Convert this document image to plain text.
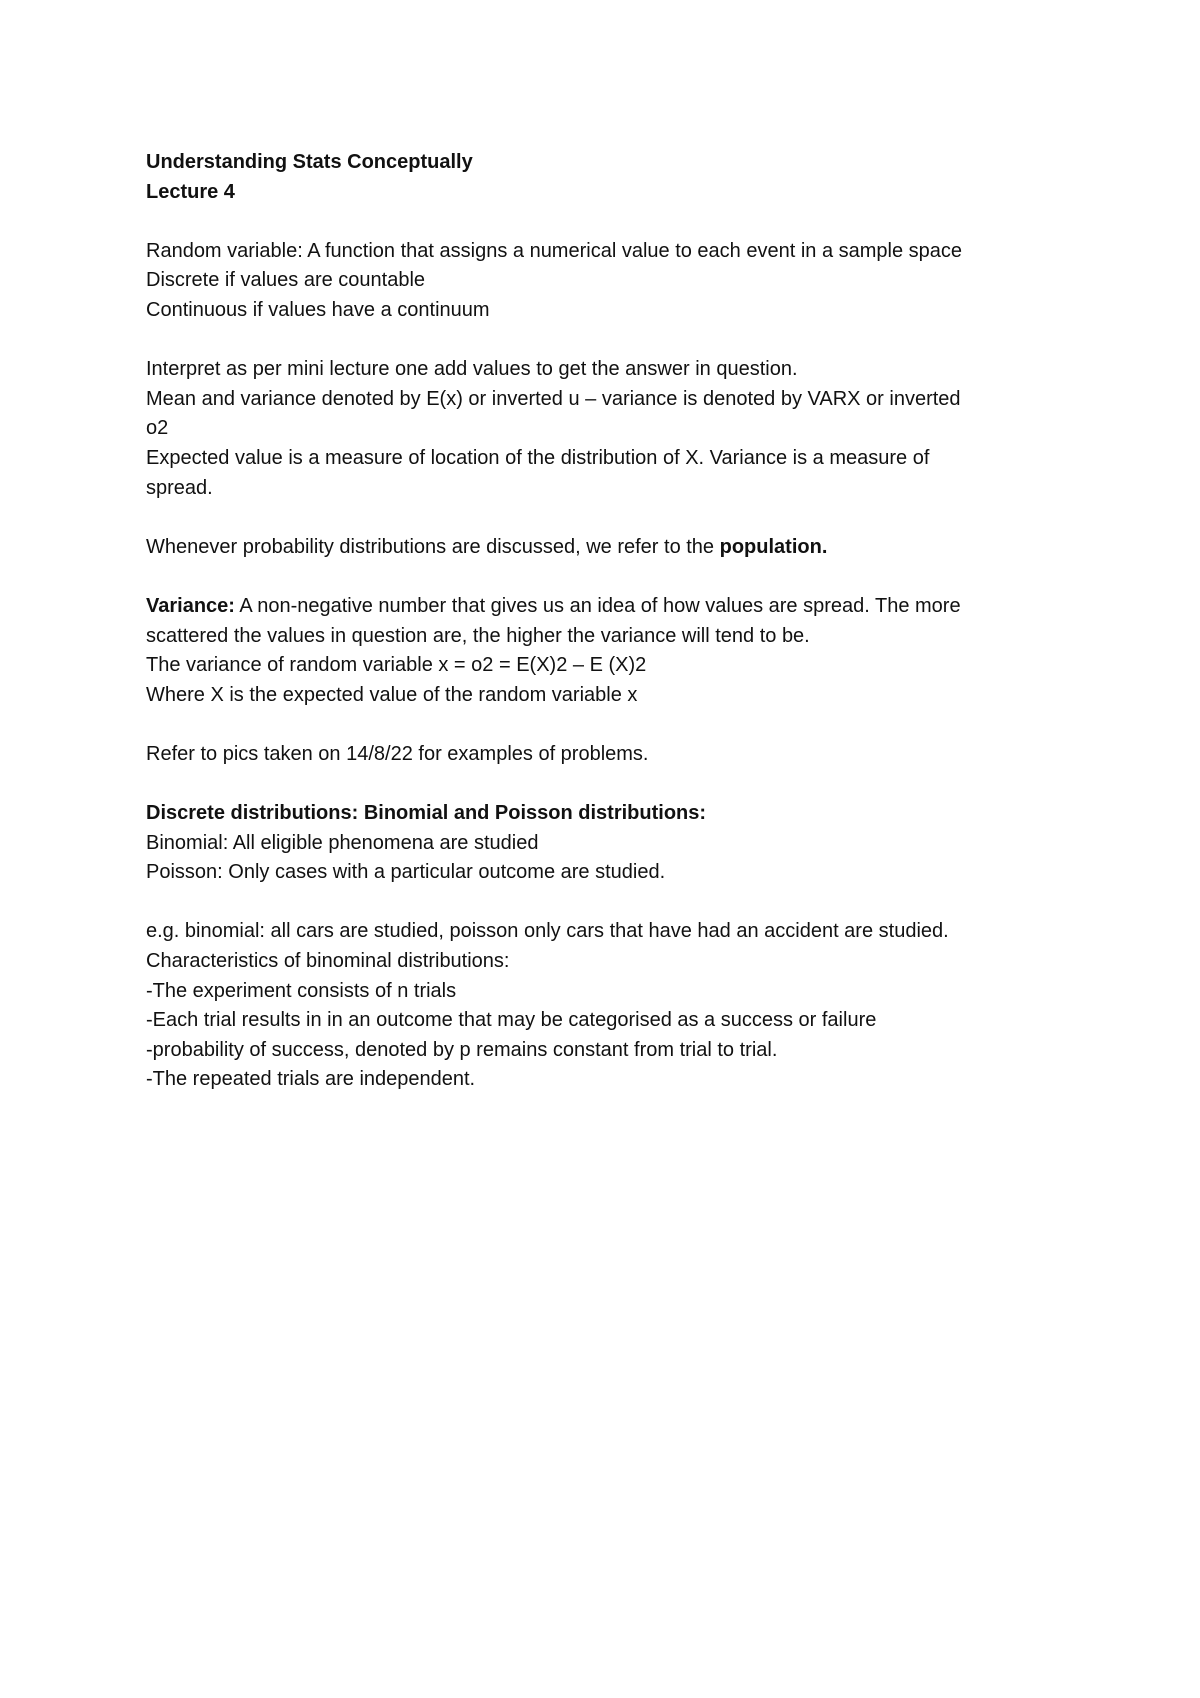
Understanding Stats Conceptually
Lecture 4
Random variable: A function that assigns a numerical value to each event in a sample space
Discrete if values are countable
Continuous if values have a continuum
Interpret as per mini lecture one add values to get the answer in question.
Mean and variance denoted by E(x) or inverted u – variance is denoted by VARX or inverted
o2
Expected value is a measure of location of the distribution of X. Variance is a measure of
spread.
Whenever probability distributions are discussed, we refer to the population.
Variance: A non-negative number that gives us an idea of how values are spread. The more
scattered the values in question are, the higher the variance will tend to be.
The variance of random variable x = o2 = E(X)2 – E (X)2
Where X is the expected value of the random variable x
Refer to pics taken on 14/8/22 for examples of problems.
Discrete distributions: Binomial and Poisson distributions:
Binomial: All eligible phenomena are studied
Poisson: Only cases with a particular outcome are studied.
e.g. binomial: all cars are studied, poisson only cars that have had an accident are studied.
Characteristics of binominal distributions:
-The experiment consists of n trials
-Each trial results in in an outcome that may be categorised as a success or failure
-probability of success, denoted by p remains constant from trial to trial.
-The repeated trials are independent.
